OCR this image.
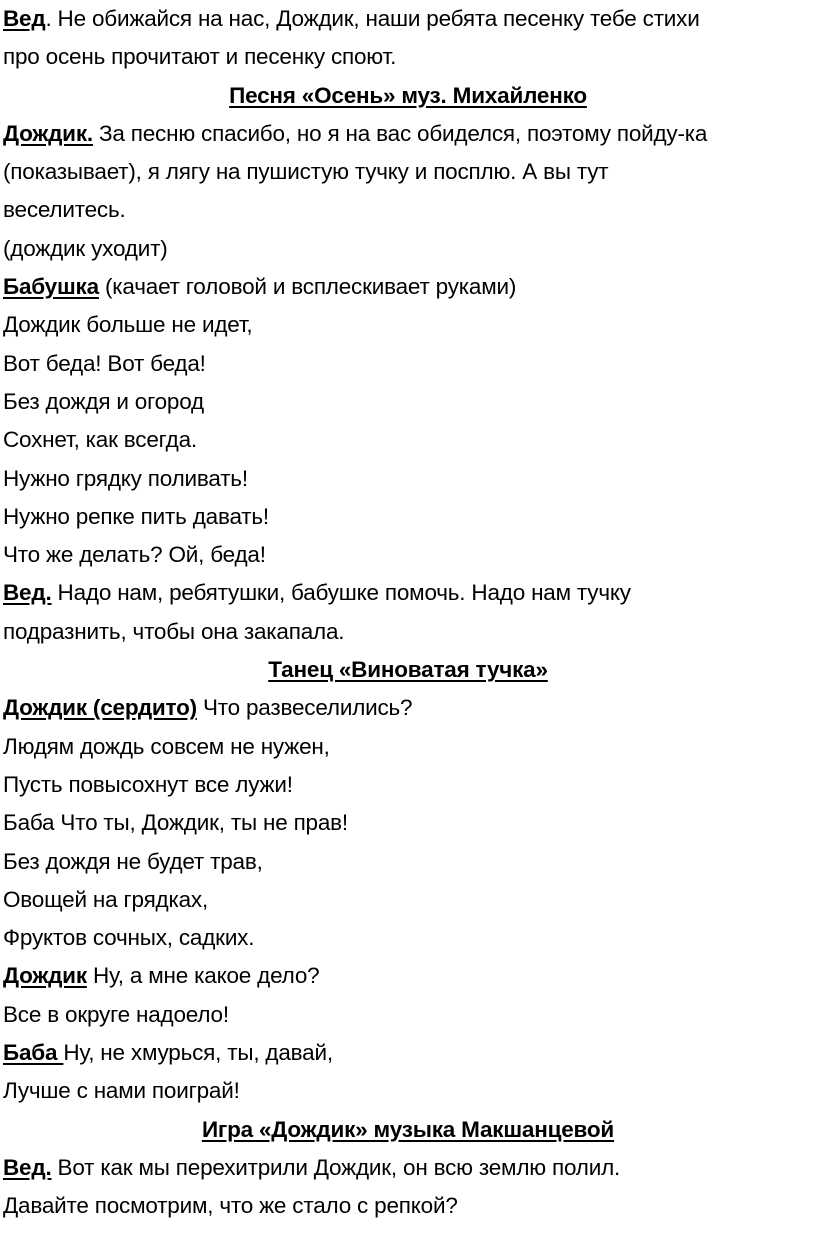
Вед. Не обижайся на нас, Дождик, наши ребята песенку тебе стихи

про осень прочитают и песенку споют.

Песня «Осень» муз. Михайленко

Дождик. За песню спасибо, но я на вас обиделся, поэтому пойду-ка

(показывает), я лягу на пушистую тучку и посплю. А вы тут

веселитесь.

(дождик уходит)

Бабушка (качает головой и всплескивает руками)

Дождик больше не идет,

Вот беда! Вот беда!

Без дождя и огород

Сохнет, как всегда.

Нужно грядку поливать!

Нужно репке пить давать!

Что же делать? Ой, беда!

Вед. Надо нам, ребятушки, бабушке помочь. Надо нам тучку

подразнить, чтобы она закапала.

Танец «Виноватая тучка»

Дождик (сердито) Что развеселились?

Людям дождь совсем не нужен,

Пусть повысохнут все лужи!

Баба Что ты, Дождик, ты не прав!

Без дождя не будет трав,

Овощей на грядках,

Фруктов сочных, садких.

Дождик Ну, а мне какое дело?

Все в округе надоело!

Баба Ну, не хмурься, ты, давай,

Лучше с нами поиграй!

Игра «Дождик» музыка Макшанцевой

Вед. Вот как мы перехитрили Дождик, он всю землю полил.

Давайте посмотрим, что же стало с репкой?
